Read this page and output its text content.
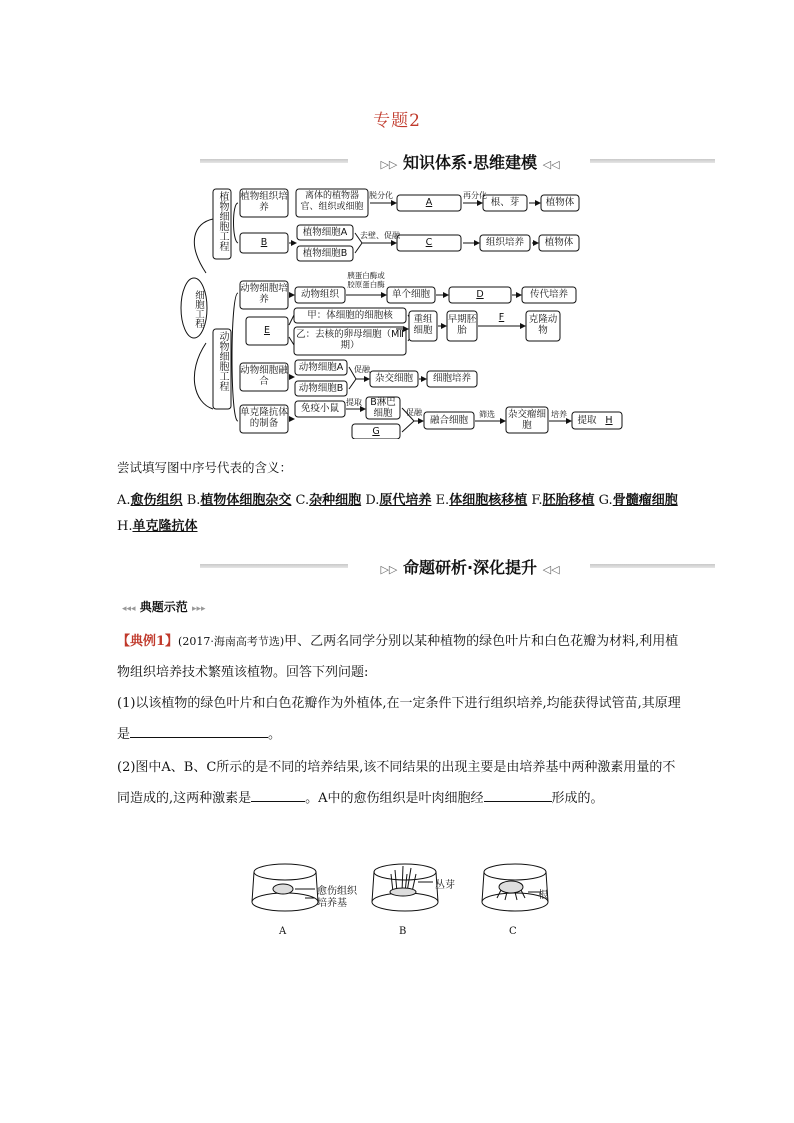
专题2
▷▷ 知识体系·思维建模 ◁◁
植物细胞工程
动物细胞工程
植物组织培养
离体的植物器官、组织或细胞
脱分化
A
再分化
根、芽	植物体
B
植物细胞A
植物细胞B
去壁、促融
C	组织培养	植物体
动物细胞培养	动物组织
胰蛋白酶或胶原蛋白酶
单个细胞	D	传代培养
E
甲：体细胞的细胞核
乙：去核的卵母细胞（MⅡ期）
重组细胞
早期胚胎
F	克隆动物
动物细胞融合
动物细胞A
动物细胞B
促融
杂交细胞	细胞培养
单克隆抗体的制备
免疫小鼠
提取 B淋巴细胞
G
促融
融合细胞
筛选 杂交瘤细胞
培养
提取 H
细胞工程
尝试填写图中序号代表的含义：
A.愈伤组织 B.植物体细胞杂交 C.杂种细胞 D.原代培养 E.体细胞核移植 F.胚胎移植 G.骨髓瘤细胞 H.单克隆抗体
▷▷ 命题研析·深化提升 ◁◁
◂◂◂ 典题示范 ▸▸▸
【典例1】(2017·海南高考节选)甲、乙两名同学分别以某种植物的绿色叶片和白色花瓣为材料,利用植物组织培养技术繁殖该植物。回答下列问题:
(1)以该植物的绿色叶片和白色花瓣作为外植体,在一定条件下进行组织培养,均能获得试管苗,其原理是	。
(2)图中A、B、C所示的是不同的培养结果,该不同结果的出现主要是由培养基中两种激素用量的不同造成的,这两种激素是	。A中的愈伤组织是叶肉细胞经	形成的。
愈伤组织
培养基
丛芽
根
A	B	C
